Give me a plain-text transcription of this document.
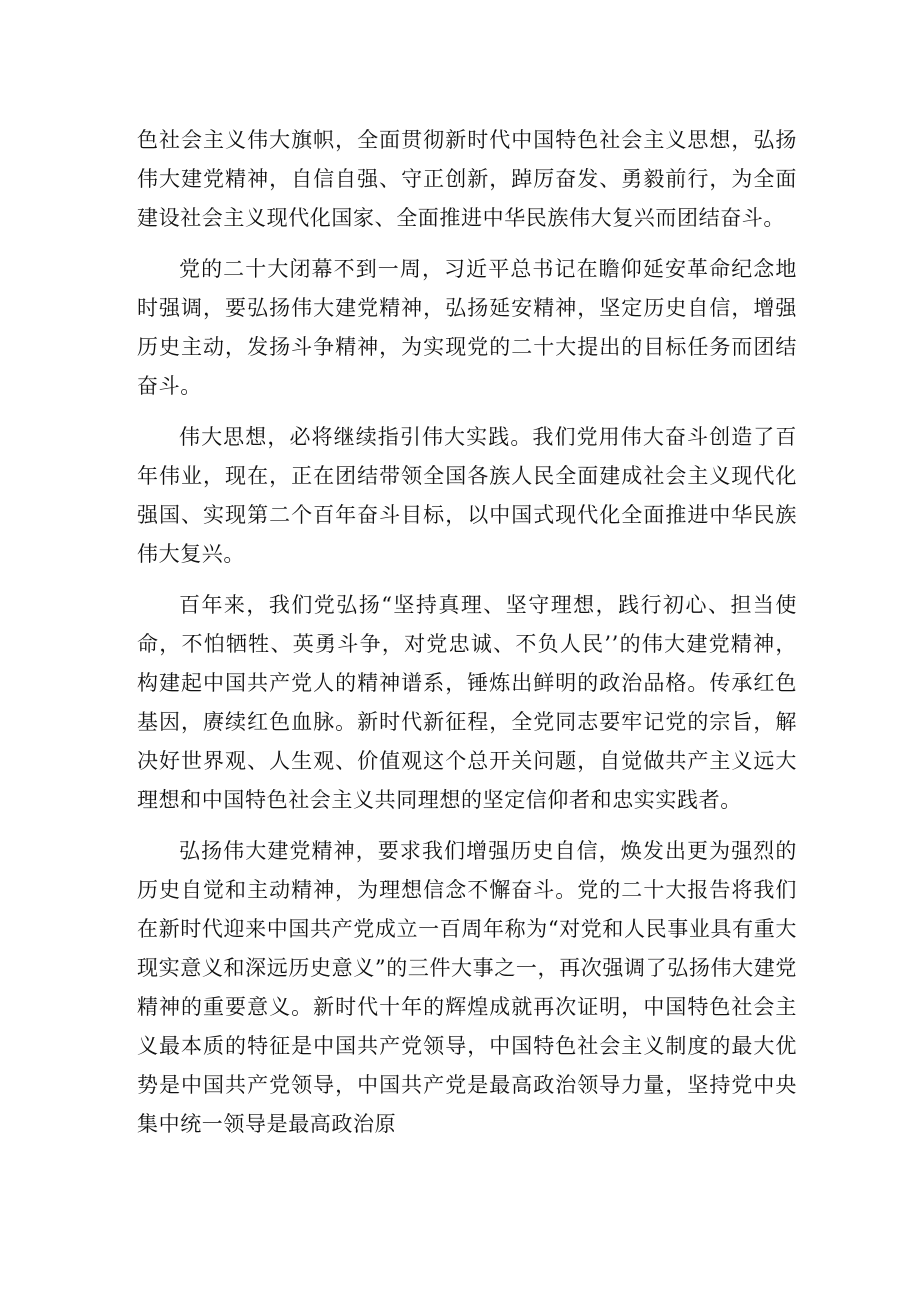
色社会主义伟大旗帜，全面贯彻新时代中国特色社会主义思想，弘扬伟大建党精神，自信自强、守正创新，踔厉奋发、勇毅前行，为全面建设社会主义现代化国家、全面推进中华民族伟大复兴而团结奋斗。

党的二十大闭幕不到一周，习近平总书记在瞻仰延安革命纪念地时强调，要弘扬伟大建党精神，弘扬延安精神，坚定历史自信，增强历史主动，发扬斗争精神，为实现党的二十大提出的目标任务而团结奋斗。

伟大思想，必将继续指引伟大实践。我们党用伟大奋斗创造了百年伟业，现在，正在团结带领全国各族人民全面建成社会主义现代化强国、实现第二个百年奋斗目标，以中国式现代化全面推进中华民族伟大复兴。

百年来，我们党弘扬“坚持真理、坚守理想，践行初心、担当使命，不怕牺牲、英勇斗争，对党忠诚、不负人民’’的伟大建党精神，构建起中国共产党人的精神谱系，锤炼出鲜明的政治品格。传承红色基因，赓续红色血脉。新时代新征程，全党同志要牢记党的宗旨，解决好世界观、人生观、价值观这个总开关问题，自觉做共产主义远大理想和中国特色社会主义共同理想的坚定信仰者和忠实实践者。

弘扬伟大建党精神，要求我们增强历史自信，焕发出更为强烈的历史自觉和主动精神，为理想信念不懈奋斗。党的二十大报告将我们在新时代迎来中国共产党成立一百周年称为“对党和人民事业具有重大现实意义和深远历史意义”的三件大事之一，再次强调了弘扬伟大建党精神的重要意义。新时代十年的辉煌成就再次证明，中国特色社会主义最本质的特征是中国共产党领导，中国特色社会主义制度的最大优势是中国共产党领导，中国共产党是最高政治领导力量，坚持党中央集中统一领导是最高政治原
